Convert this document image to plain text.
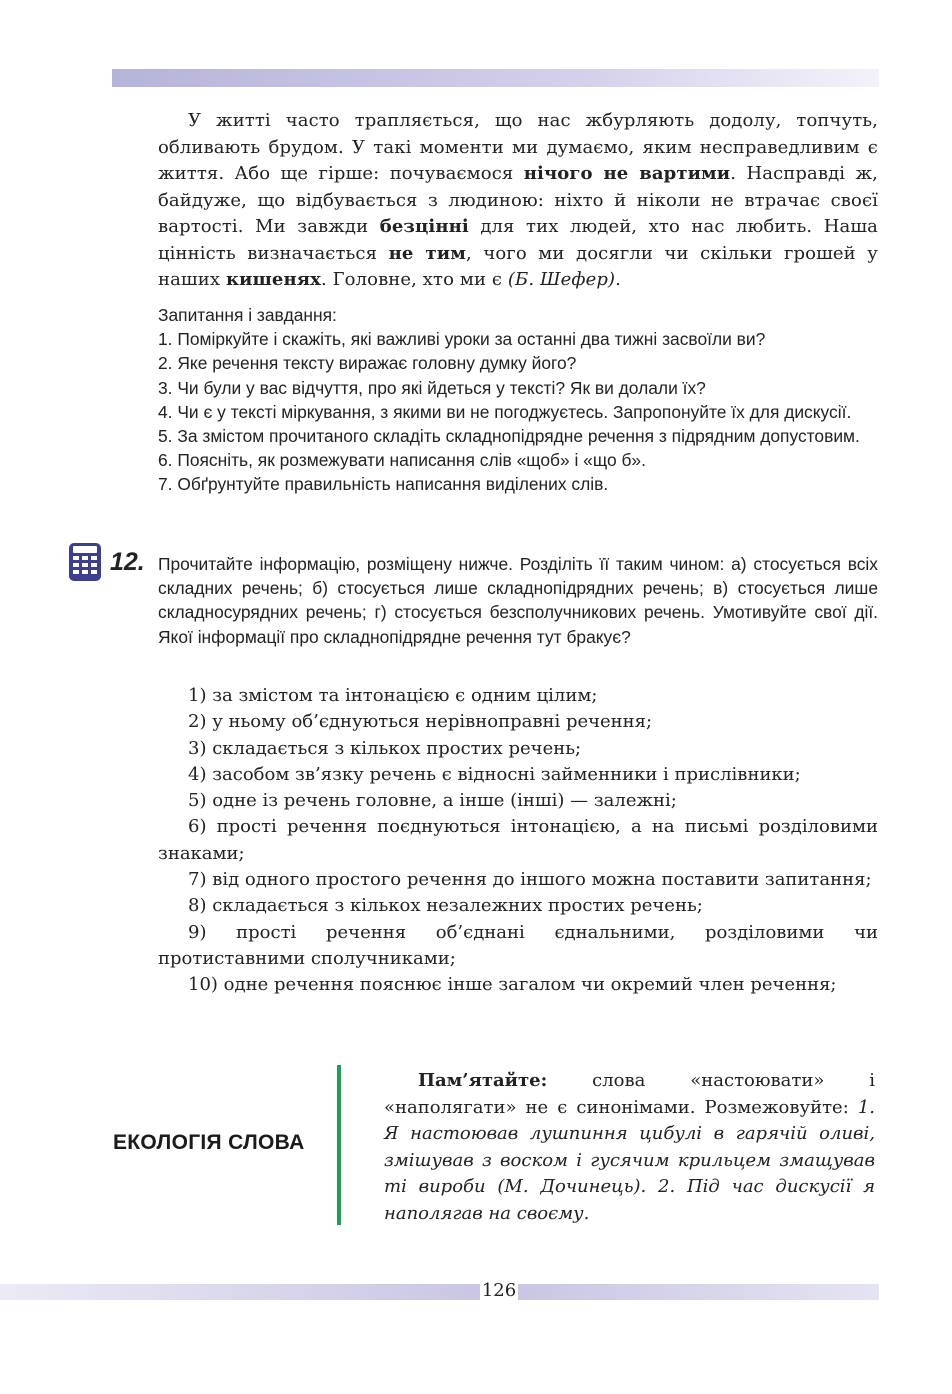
У житті часто трапляється, що нас жбурляють додолу, топчуть, обливають брудом. У такі моменти ми думаємо, яким несправедливим є життя. Або ще гірше: почуваємося нічого не вартими. Насправді ж, байдуже, що відбувається з людиною: ніхто й ніколи не втрачає своєї вартості. Ми завжди безцінні для тих людей, хто нас любить. Наша цінність визначається не тим, чого ми досягли чи скільки грошей у наших кишенях. Головне, хто ми є (Б. Шефер).

Запитання і завдання:
1. Поміркуйте і скажіть, які важливі уроки за останні два тижні засвоїли ви?
2. Яке речення тексту виражає головну думку його?
3. Чи були у вас відчуття, про які йдеться у тексті? Як ви долали їх?
4. Чи є у тексті міркування, з якими ви не погоджуєтесь. Запропонуйте їх для дискусії.
5. За змістом прочитаного складіть складнопідрядне речення з підрядним допустовим.
6. Поясніть, як розмежувати написання слів «щоб» і «що б».
7. Обґрунтуйте правильність написання виділених слів.
12. Прочитайте інформацію, розміщену нижче. Розділіть її таким чином: а) стосується всіх складних речень; б) стосується лише складнопідрядних речень; в) стосується лише складносурядних речень; г) стосується безсполучникових речень. Умотивуйте свої дії. Якої інформації про складнопідрядне речення тут бракує?
1) за змістом та інтонацією є одним цілим;
2) у ньому об’єднуються нерівноправні речення;
3) складається з кількох простих речень;
4) засобом зв’язку речень є відносні займенники і прислівники;
5) одне із речень головне, а інше (інші) — залежні;
6) прості речення поєднуються інтонацією, а на письмі розділовими знаками;
7) від одного простого речення до іншого можна поставити запитання;
8) складається з кількох незалежних простих речень;
9) прості речення об’єднані єднальними, розділовими чи протиставними сполучниками;
10) одне речення пояснює інше загалом чи окремий член речення;
ЕКОЛОГІЯ СЛОВА
Пам’ятайте: слова «настоювати» і «наполягати» не є синонімами. Розмежовуйте: 1. Я настоював лушпиння цибулі в гарячій оливі, змішував з воском і гусячим крильцем змащував ті вироби (М. Дочинець). 2. Під час дискусії я наполягав на своєму.
126
